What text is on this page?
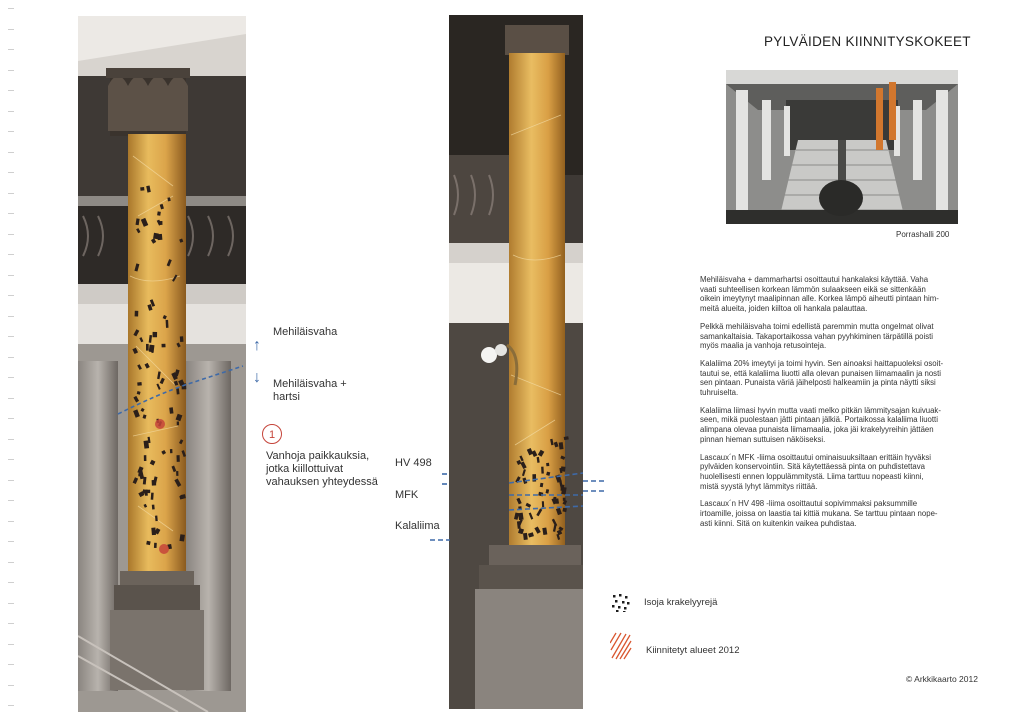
↑
Mehiläisvaha
↓ Mehiläisvaha +
hartsi
1
Vanhoja paikkauksia,
jotka kiillottuivat
vahauksen yhteydessä
HV 498
MFK
Kalaliima
PYLVÄIDEN KIINNITYSKOKEET
Porrashalli 200

Mehiläisvaha + dammarhartsi osoittautui hankalaksi käyttää. Vaha
vaati suhteellisen korkean lämmön sulaakseen eikä se sittenkään
oikein imeytynyt maalipinnan alle. Korkea lämpö aiheutti pintaan him-
meitä alueita, joiden kiiltoa oli hankala palauttaa.

Pelkkä mehiläisvaha toimi edellistä paremmin mutta ongelmat olivat
samankaltaisia. Takaportaikossa vahan pyyhkiminen tärpätillä poisti
myös maalia ja vanhoja retusointeja.

Kalaliima 20% imeytyi ja toimi hyvin. Sen ainoaksi haittapuoleksi osoit-
tautui se, että kalaliima liuotti alla olevan punaisen liimamaalin ja nosti
sen pintaan. Punaista väriä jäihelposti halkeamiin ja pinta näytti siksi
tuhruiselta.

Kalaliima liimasi hyvin mutta vaati melko pitkän lämmitysajan kuivuak-
seen, mikä puolestaan jätti pintaan jälkiä. Portaikossa kalaliima liuotti
alimpana olevaa punaista liimamaalia, joka jäi krakelyyreihin jättäen
pinnan hieman suttuisen näköiseksi.

Lascaux´n MFK -liima osoittautui ominaisuuksiltaan erittäin hyväksi
pylväiden konservointiin. Sitä käytettäessä pinta on puhdistettava
huolellisesti ennen loppulämmitystä. Liima tarttuu nopeasti kiinni,
mistä syystä lyhyt lämmitys riittää.

Lascaux´n HV 498 -liima osoittautui sopivimmaksi paksummille
irtoamille, joissa on laastia tai kittiä mukana. Se tarttuu pintaan nope-
asti kiinni. Sitä on kuitenkin vaikea puhdistaa.

Isoja krakelyyrejä
Kiinnitetyt alueet 2012
© Arkkikaarto 2012
